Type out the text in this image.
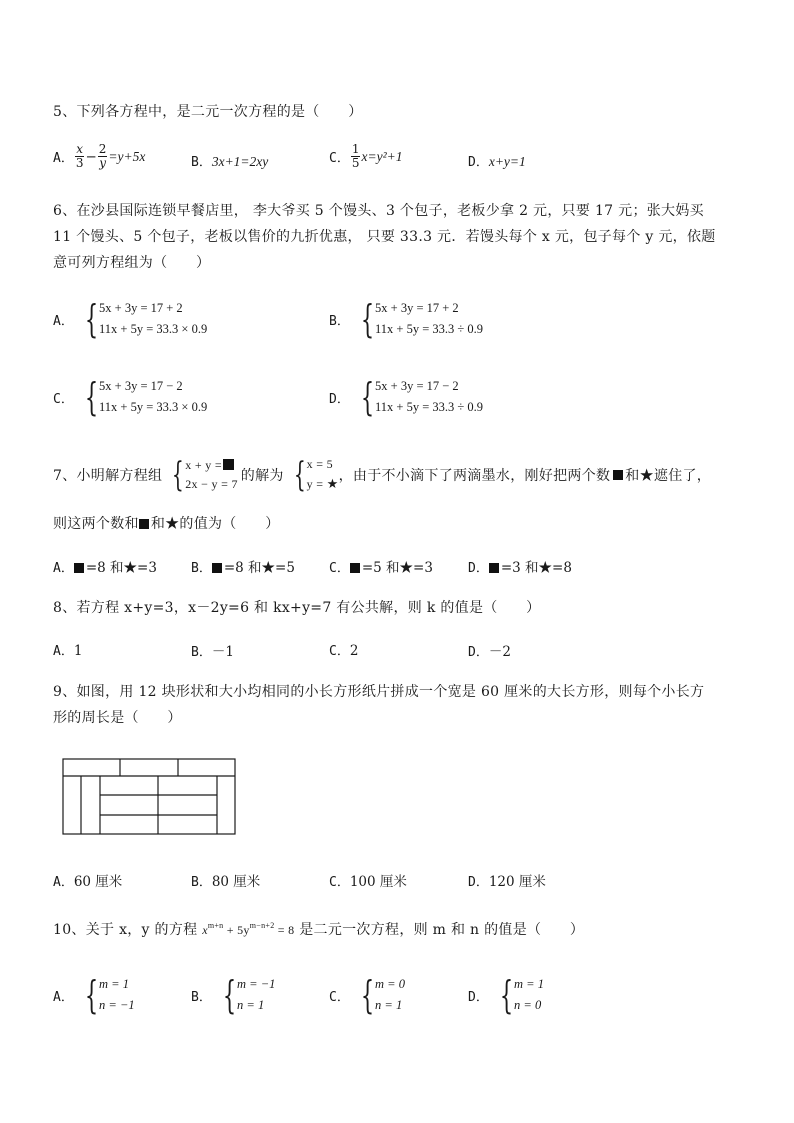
5、下列各方程中，是二元一次方程的是（　　）
A． $\frac{x}{3} - \frac{2}{y} =y+5x$	B．3x+1=2xy	C． $\frac{1}{5} x=y^2+1$	D．x+y=1
6、在沙县国际连锁早餐店里， 李大爷买 5 个馒头、3 个包子，老板少拿 2 元，只要 17 元；张大妈买
11 个馒头、5 个包子，老板以售价的九折优惠， 只要 33.3 元．若馒头每个 x 元，包子每个 y 元，依题
意可列方程组为（　　）
A． { 5x + 3y = 17 + 2
11x + 5y = 33.3 × 0.9
B． { 5x + 3y = 17 + 2
11x + 5y = 33.3 ÷ 0.9
C． { 5x + 3y = 17 − 2
11x + 5y = 33.3 × 0.9
D． { 5x + 3y = 17 − 2
11x + 5y = 33.3 ÷ 0.9
7、小明解方程组 { x + y =
2x − y = 7 的解为 { x = 5
y = ★ ，由于不小滴下了两滴墨水，刚好把两个数 和★遮住了，
则这两个数和 和★的值为（　　）
A． =8 和★=3	B． =8 和★=5	C． =5 和★=3	D． =3 和★=8
8、若方程 x+y=3，x－2y=6 和 kx+y=7 有公共解，则 k 的值是（　　）
A．1	B．－1	C．2	D．－2
9、如图，用 12 块形状和大小均相同的小长方形纸片拼成一个宽是 60 厘米的大长方形，则每个小长方
形的周长是（　　）
A．60 厘米	B．80 厘米	C．100 厘米	D．120 厘米
10、关于 x，y 的方程 $x^{m+n} + 5y^{m-n+2} = 8$ 是二元一次方程，则 m 和 n 的值是（　　）
A． { m = 1
n = −1
B． { m = −1
n = 1
C． { m = 0
n = 1
D． { m = 1
n = 0
